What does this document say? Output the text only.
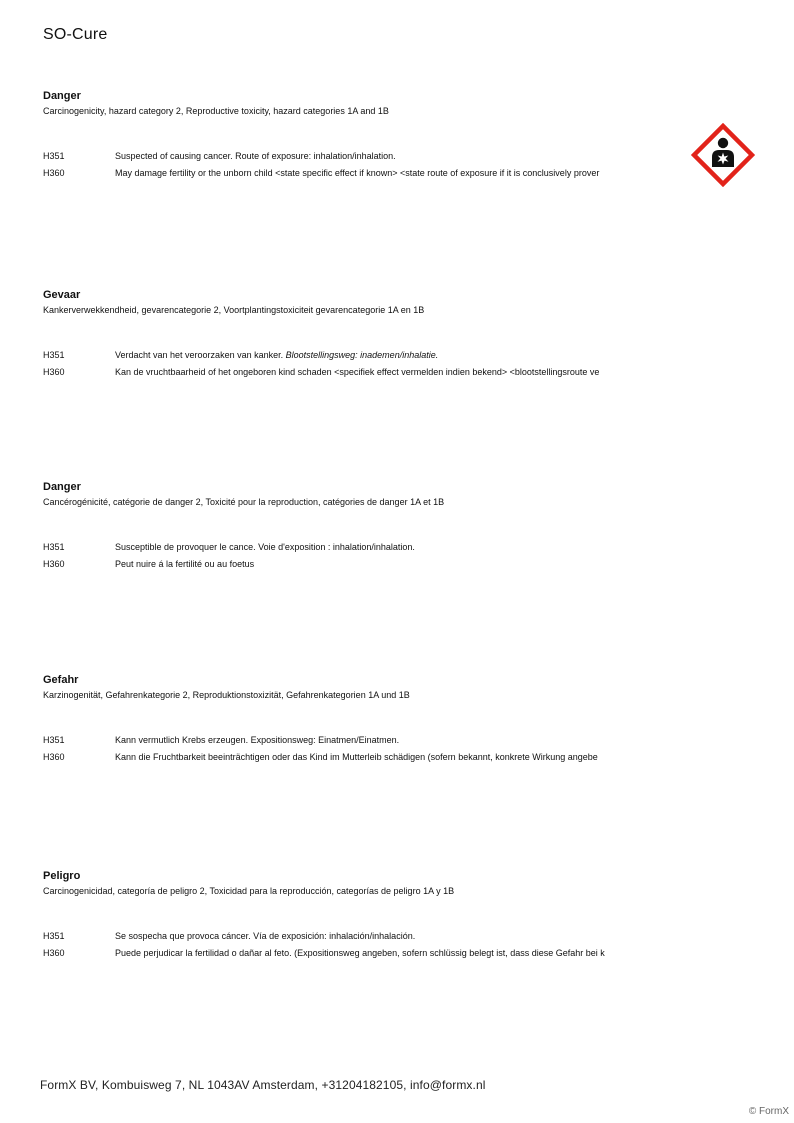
SO-Cure
Danger
Carcinogenicity, hazard category 2, Reproductive toxicity, hazard categories 1A and 1B
H351	Suspected of causing cancer. Route of exposure: inhalation/inhalation.
H360	May damage fertility or the unborn child <state specific effect if known> <state route of exposure if it is conclusively prover
Gevaar
Kankerverwekkendheid, gevarencategorie 2, Voortplantingstoxiciteit gevarencategorie 1A en 1B
H351	Verdacht van het veroorzaken van kanker. Blootstellingsweg: inademen/inhalatie.
H360	Kan de vruchtbaarheid of het ongeboren kind schaden <specifiek effect vermelden indien bekend> <blootstellingsroute ve
Danger
Cancérogénicité, catégorie de danger 2, Toxicité pour la reproduction, catégories de danger 1A et 1B
H351	Susceptible de provoquer le cance. Voie d'exposition : inhalation/inhalation.
H360	Peut nuire á la fertilité ou au foetus
Gefahr
Karzinogenität, Gefahrenkategorie 2, Reproduktionstoxizität, Gefahrenkategorien 1A und 1B
H351	Kann vermutlich Krebs erzeugen. Expositionsweg: Einatmen/Einatmen.
H360	Kann die Fruchtbarkeit beeinträchtigen oder das Kind im Mutterleib schädigen (sofern bekannt, konkrete Wirkung angebe
Peligro
Carcinogenicidad, categoría de peligro 2, Toxicidad para la reproducción, categorías de peligro 1A y 1B
H351	Se sospecha que provoca cáncer. Vía de exposición: inhalación/inhalación.
H360	Puede perjudicar la fertilidad o dañar al feto. (Expositionsweg angeben, sofern schlüssig belegt ist, dass diese Gefahr bei k
FormX BV, Kombuisweg 7, NL 1043AV Amsterdam, +31204182105, info@formx.nl
© FormX
